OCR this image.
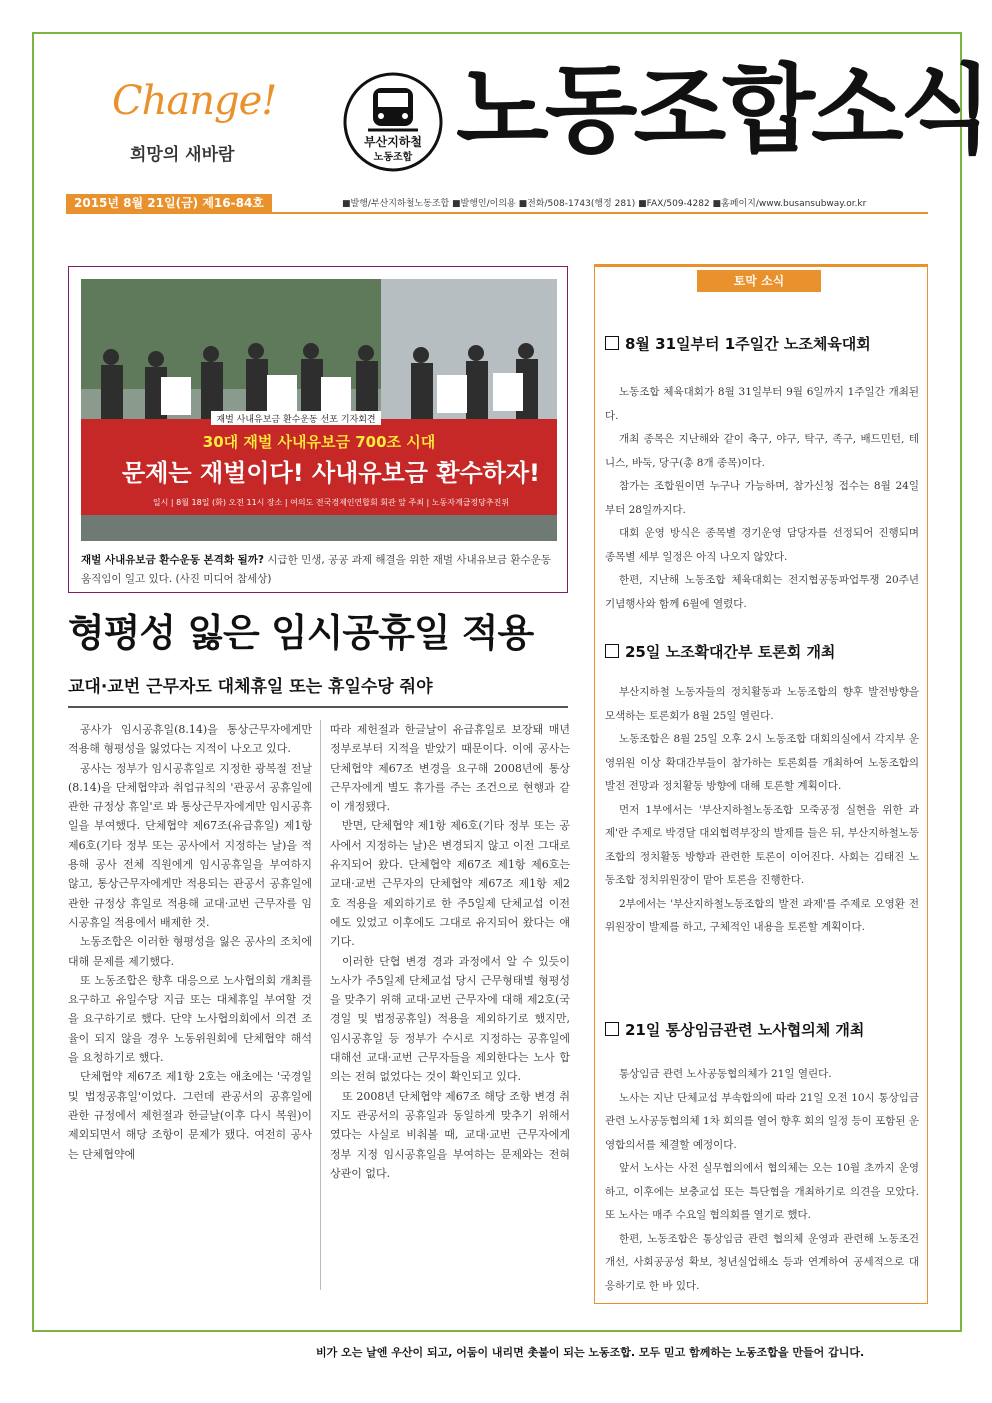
Change!
희망의 새바람
부산지하철
노동조합 노동조합소식
2015년 8월 21일(금) 제16-84호	■발행/부산지하철노동조합 ■발행인/이의용 ■전화/508-1743(행정 281) ■FAX/509-4282 ■홈페이지/www.busansubway.or.kr
재벌 사내유보금 환수운동 선포 기자회견
30대 재벌 사내유보금 700조 시대
문제는 재벌이다! 사내유보금 환수하자!
일시 | 8월 18일 (화) 오전 11시 장소 | 여의도 전국경제인연합회 회관 앞 주최 | 노동자계급정당추진위
재벌 사내유보금 환수운동 본격화 될까? 시급한 민생, 공공 과제 해결을 위한 재벌 사내유보금 환수운동 움직임이 일고 있다. (사진 미디어 참세상)
형평성 잃은 임시공휴일 적용
교대·교번 근무자도 대체휴일 또는 휴일수당 줘야

공사가 임시공휴일(8.14)을 통상근무자에게만 적용해 형평성을 잃었다는 지적이 나오고 있다.

공사는 정부가 임시공휴일로 지정한 광복절 전날(8.14)을 단체협약과 취업규칙의 '관공서 공휴일에 관한 규정상 휴일'로 봐 통상근무자에게만 임시공휴일을 부여했다. 단체협약 제67조(유급휴일) 제1항 제6호(기타 정부 또는 공사에서 지정하는 날)을 적용해 공사 전체 직원에게 임시공휴일을 부여하지 않고, 통상근무자에게만 적용되는 관공서 공휴일에 관한 규정상 휴일로 적용해 교대·교번 근무자를 임시공휴일 적용에서 배제한 것.

노동조합은 이러한 형평성을 잃은 공사의 조치에 대해 문제를 제기했다.

또 노동조합은 향후 대응으로 노사협의회 개최를 요구하고 유일수당 지급 또는 대체휴일 부여할 것을 요구하기로 했다. 단약 노사협의회에서 의견 조율이 되지 않을 경우 노동위원회에 단체협약 해석을 요청하기로 했다.

단체협약 제67조 제1항 2호는 애초에는 '국경일 및 법정공휴일'이었다. 그런데 관공서의 공휴일에 관한 규정에서 제헌절과 한글날(이후 다시 복원)이 제외되면서 해당 조항이 문제가 됐다. 여전히 공사는 단체협약에

따라 제헌절과 한글날이 유급휴일로 보장돼 매년 정부로부터 지적을 받았기 때문이다. 이에 공사는 단체협약 제67조 변경을 요구해 2008년에 통상근무자에게 별도 휴가를 주는 조건으로 현행과 같이 개정됐다.

반면, 단체협약 제1항 제6호(기타 정부 또는 공사에서 지정하는 날)은 변경되지 않고 이전 그대로 유지되어 왔다. 단체협약 제67조 제1항 제6호는 교대·교번 근무자의 단체협약 제67조 제1항 제2호 적용을 제외하기로 한 주5일제 단체교섭 이전에도 있었고 이후에도 그대로 유지되어 왔다는 얘기다.

이러한 단협 변경 경과 과정에서 알 수 있듯이 노사가 주5일제 단체교섭 당시 근무형태별 형평성을 맞추기 위해 교대·교번 근무자에 대해 제2호(국경일 및 법정공휴일) 적용을 제외하기로 했지만, 임시공휴일 등 정부가 수시로 지정하는 공휴일에 대해선 교대·교번 근무자들을 제외한다는 노사 합의는 전혀 없었다는 것이 확인되고 있다.

또 2008년 단체협약 제67조 해당 조항 변경 취지도 관공서의 공휴일과 동일하게 맞추기 위해서였다는 사실로 비춰볼 때, 교대·교번 근무자에게 정부 지정 임시공휴일을 부여하는 문제와는 전혀 상관이 없다.

토막 소식
8월 31일부터 1주일간 노조체육대회

노동조합 체육대회가 8월 31일부터 9월 6일까지 1주일간 개최된다.

개최 종목은 지난해와 같이 축구, 야구, 탁구, 족구, 배드민턴, 테니스, 바둑, 당구(총 8개 종목)이다.

참가는 조합원이면 누구나 가능하며, 참가신청 접수는 8월 24일부터 28일까지다.

대회 운영 방식은 종목별 경기운영 담당자를 선정되어 진행되며 종목별 세부 일정은 아직 나오지 않았다.

한편, 지난해 노동조합 체육대회는 전지협공동파업투쟁 20주년 기념행사와 함께 6월에 열렸다.

25일 노조확대간부 토론회 개최

부산지하철 노동자들의 정치활동과 노동조합의 향후 발전방향을 모색하는 토론회가 8월 25일 열린다.

노동조합은 8월 25일 오후 2시 노동조합 대회의실에서 각지부 운영위원 이상 확대간부들이 참가하는 토론회를 개최하여 노동조합의 발전 전망과 정치활동 방향에 대해 토론할 계획이다.

먼저 1부에서는 '부산지하철노동조합 모죽공정 실현을 위한 과제'란 주제로 박경달 대외협력부장의 발제를 들은 뒤, 부산지하철노동조합의 정치활동 방향과 관련한 토론이 이어진다. 사회는 김태진 노동조합 정치위원장이 맡아 토론을 진행한다.

2부에서는 '부산지하철노동조합의 발전 과제'를 주제로 오영환 전 위원장이 발제를 하고, 구체적인 내용을 토론할 계획이다.

21일 통상임금관련 노사협의체 개최

통상임금 관련 노사공동협의체가 21일 열린다.

노사는 지난 단체교섭 부속합의에 따라 21일 오전 10시 통상임금 관련 노사공동협의체 1차 회의를 열어 향후 회의 일정 등이 포함된 운영합의서를 체결할 예정이다.

앞서 노사는 사전 실무협의에서 협의체는 오는 10월 초까지 운영하고, 이후에는 보충교섭 또는 특단협을 개최하기로 의견을 모았다. 또 노사는 매주 수요일 협의회를 열기로 했다.

한편, 노동조합은 통상임금 관련 협의체 운영과 관련해 노동조건 개선, 사회공공성 확보, 청년실업해소 등과 연계하여 공세적으로 대응하기로 한 바 있다.

비가 오는 날엔 우산이 되고, 어둠이 내리면 촛불이 되는 노동조합. 모두 믿고 함께하는 노동조합을 만들어 갑니다.
